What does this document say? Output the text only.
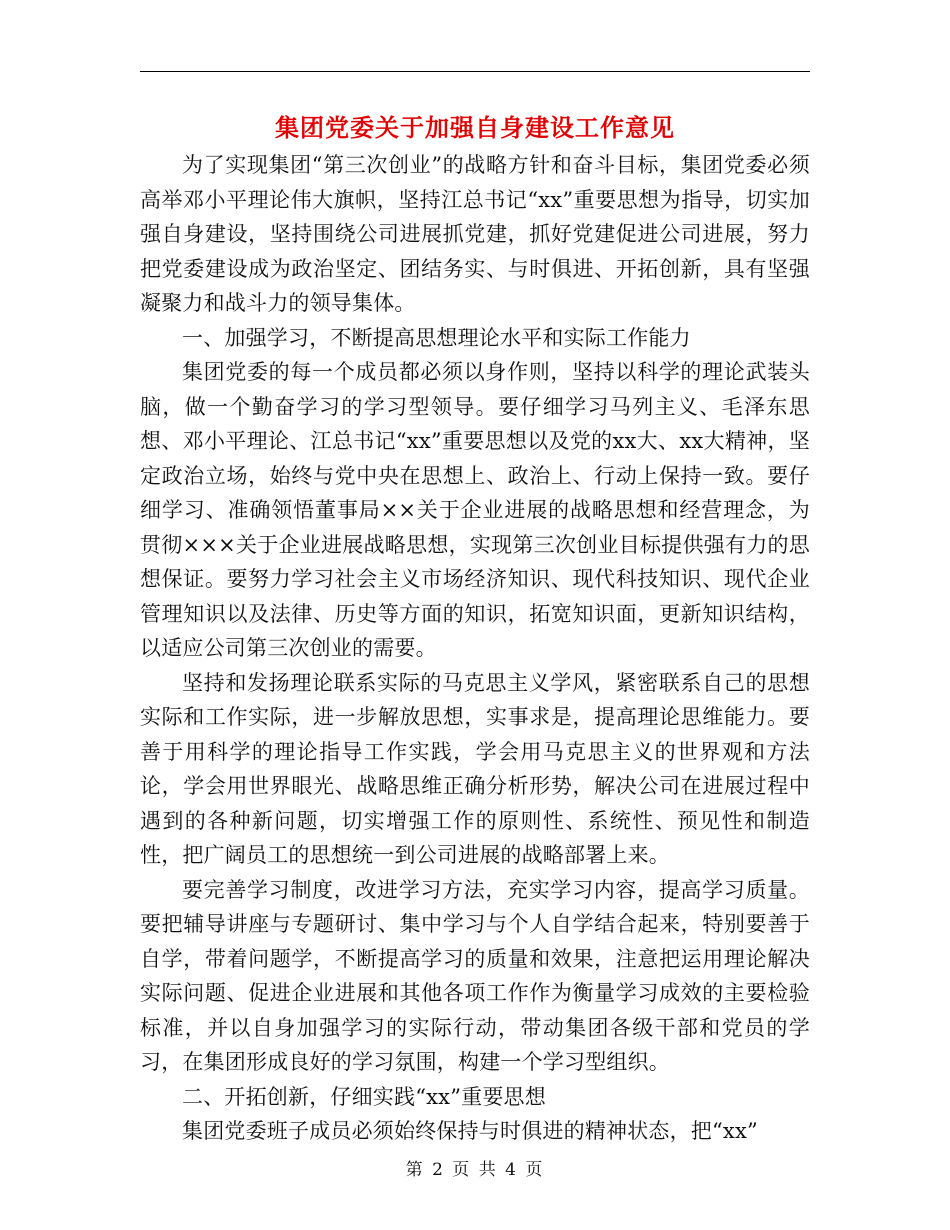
集团党委关于加强自身建设工作意见

为了实现集团“第三次创业”的战略方针和奋斗目标，集团党委必须高举邓小平理论伟大旗帜，坚持江总书记“xx”重要思想为指导，切实加强自身建设，坚持围绕公司进展抓党建，抓好党建促进公司进展，努力把党委建设成为政治坚定、团结务实、与时俱进、开拓创新，具有坚强凝聚力和战斗力的领导集体。

一、加强学习，不断提高思想理论水平和实际工作能力

集团党委的每一个成员都必须以身作则，坚持以科学的理论武装头脑，做一个勤奋学习的学习型领导。要仔细学习马列主义、毛泽东思想、邓小平理论、江总书记“xx”重要思想以及党的xx大、xx大精神，坚定政治立场，始终与党中央在思想上、政治上、行动上保持一致。要仔细学习、准确领悟董事局××关于企业进展的战略思想和经营理念，为贯彻×××关于企业进展战略思想，实现第三次创业目标提供强有力的思想保证。要努力学习社会主义市场经济知识、现代科技知识、现代企业管理知识以及法律、历史等方面的知识，拓宽知识面，更新知识结构，以适应公司第三次创业的需要。

坚持和发扬理论联系实际的马克思主义学风，紧密联系自己的思想实际和工作实际，进一步解放思想，实事求是，提高理论思维能力。要善于用科学的理论指导工作实践，学会用马克思主义的世界观和方法论，学会用世界眼光、战略思维正确分析形势，解决公司在进展过程中遇到的各种新问题，切实增强工作的原则性、系统性、预见性和制造性，把广阔员工的思想统一到公司进展的战略部署上来。

要完善学习制度，改进学习方法，充实学习内容，提高学习质量。要把辅导讲座与专题研讨、集中学习与个人自学结合起来，特别要善于自学，带着问题学，不断提高学习的质量和效果，注意把运用理论解决实际问题、促进企业进展和其他各项工作作为衡量学习成效的主要检验标准，并以自身加强学习的实际行动，带动集团各级干部和党员的学习，在集团形成良好的学习氛围，构建一个学习型组织。

二、开拓创新，仔细实践“xx”重要思想

集团党委班子成员必须始终保持与时俱进的精神状态，把“xx”

第 2 页 共 4 页
